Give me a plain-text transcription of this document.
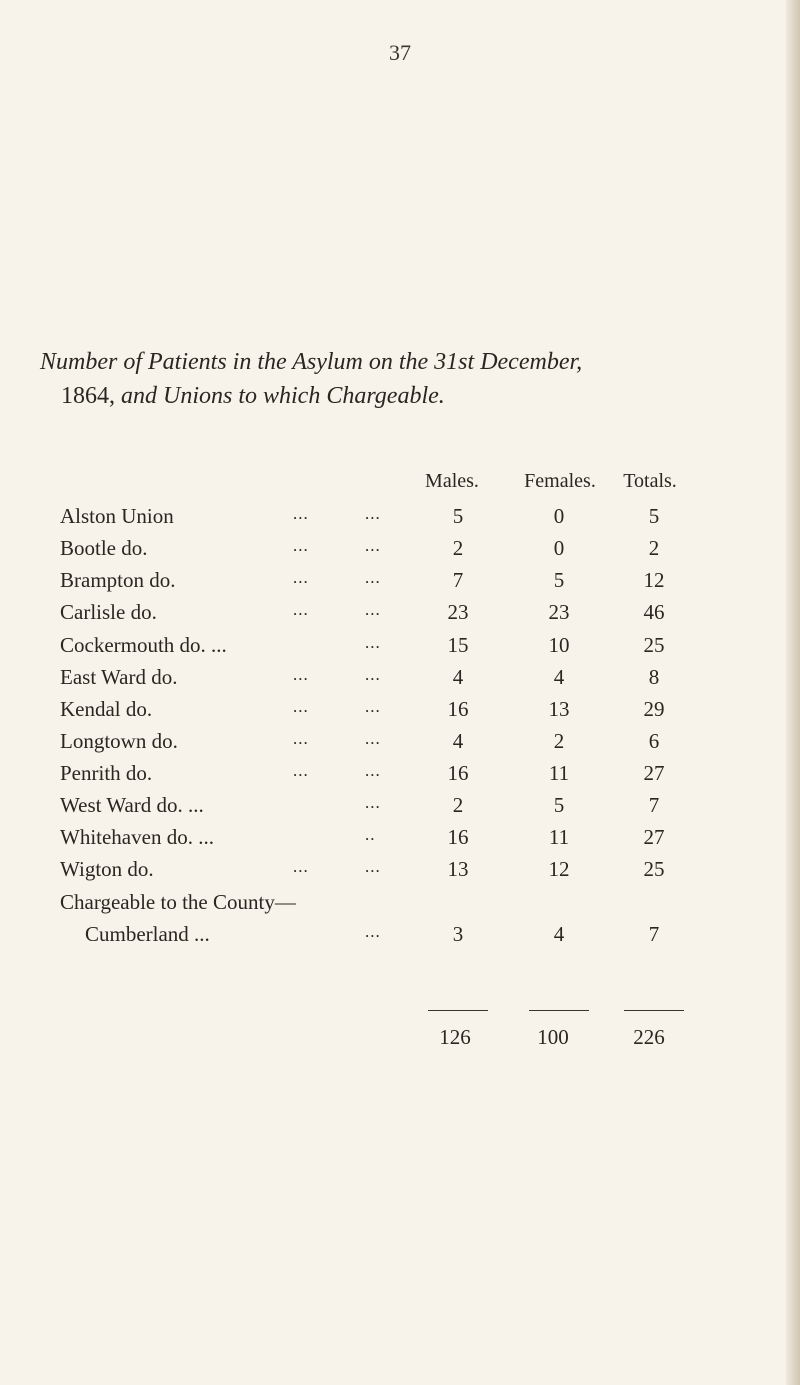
37
Number of Patients in the Asylum on the 31st December,
1864, and Unions to which Chargeable.
Males.	Females.	Totals.
Alston Union	...	...	5	0	5
Bootle do.	...	...	2	0	2
Brampton do.	...	...	7	5	12
Carlisle do.	...	...	23	23	46
Cockermouth do. ...	...	15	10	25
East Ward do.	...	...	4	4	8
Kendal do.	...	...	16	13	29
Longtown do.	...	...	4	2	6
Penrith do.	...	...	16	11	27
West Ward do. ...	...	2	5	7
Whitehaven do. ...	..	16	11	27
Wigton do.	...	...	13	12	25
Chargeable to the County—
Cumberland ...	...	3	4	7
126	100	226
